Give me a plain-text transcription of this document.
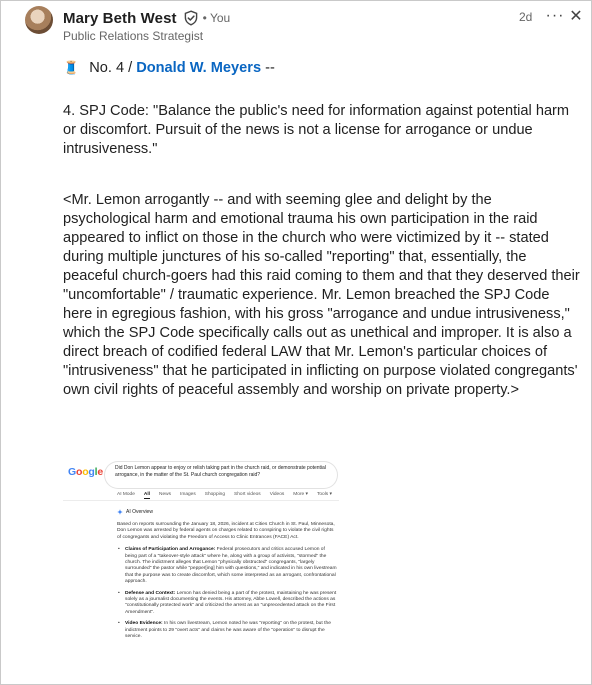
Mary Beth West • You
Public Relations Strategist
2d ··· ✕
🧵 No. 4 / Donald W. Meyers --
4. SPJ Code: "Balance the public's need for information against potential harm or discomfort. Pursuit of the news is not a license for arrogance or undue intrusiveness."
<Mr. Lemon arrogantly -- and with seeming glee and delight by the psychological harm and emotional trauma his own participation in the raid appeared to inflict on those in the church who were victimized by it -- stated during multiple junctures of his so-called "reporting" that, essentially, the peaceful church-goers had this raid coming to them and that they deserved their "uncomfortable" / traumatic experience. Mr. Lemon breached the SPJ Code here in egregious fashion, with his gross "arrogance and undue intrusiveness," which the SPJ Code specifically calls out as unethical and improper. It is also a direct breach of codified federal LAW that Mr. Lemon's particular choices of "intrusiveness" that he participated in inflicting on purpose violated congregants' own civil rights of peaceful assembly and worship on private property.>
Google Did Don Lemon appear to enjoy or relish taking part in the church raid, or demonstrate potential arrogance, in the matter of the St. Paul church congregation raid?
AI Mode All News Images Shopping Short videos Videos More ▾ Tools ▾
AI Overview

Based on reports surrounding the January 18, 2026, incident at Cities Church in St. Paul, Minnesota, Don Lemon was arrested by federal agents on charges related to conspiring to violate the civil rights of congregants and violating the Freedom of Access to Clinic Entrances (FACE) Act.

• Claims of Participation and Arrogance: Federal prosecutors and critics accused Lemon of being part of a "takeover-style attack" where he, along with a group of activists, "stormed" the church. The indictment alleges that Lemon "physically obstructed" congregants, "largely surrounded" the pastor while "pepper[ing] him with questions," and indicated in his own livestream that the purpose was to create discomfort, which some interpreted as an arrogant, confrontational approach.
• Defense and Context: Lemon has denied being a part of the protest, maintaining he was present solely as a journalist documenting the events. His attorney, Abbe Lowell, described the actions as "constitutionally protected work" and criticized the arrest as an "unprecedented attack on the First Amendment".
• Video Evidence: In his own livestream, Lemon noted he was "reporting" on the protest, but the indictment points to 29 "overt acts" and claims he was aware of the "operation" to disrupt the service.
